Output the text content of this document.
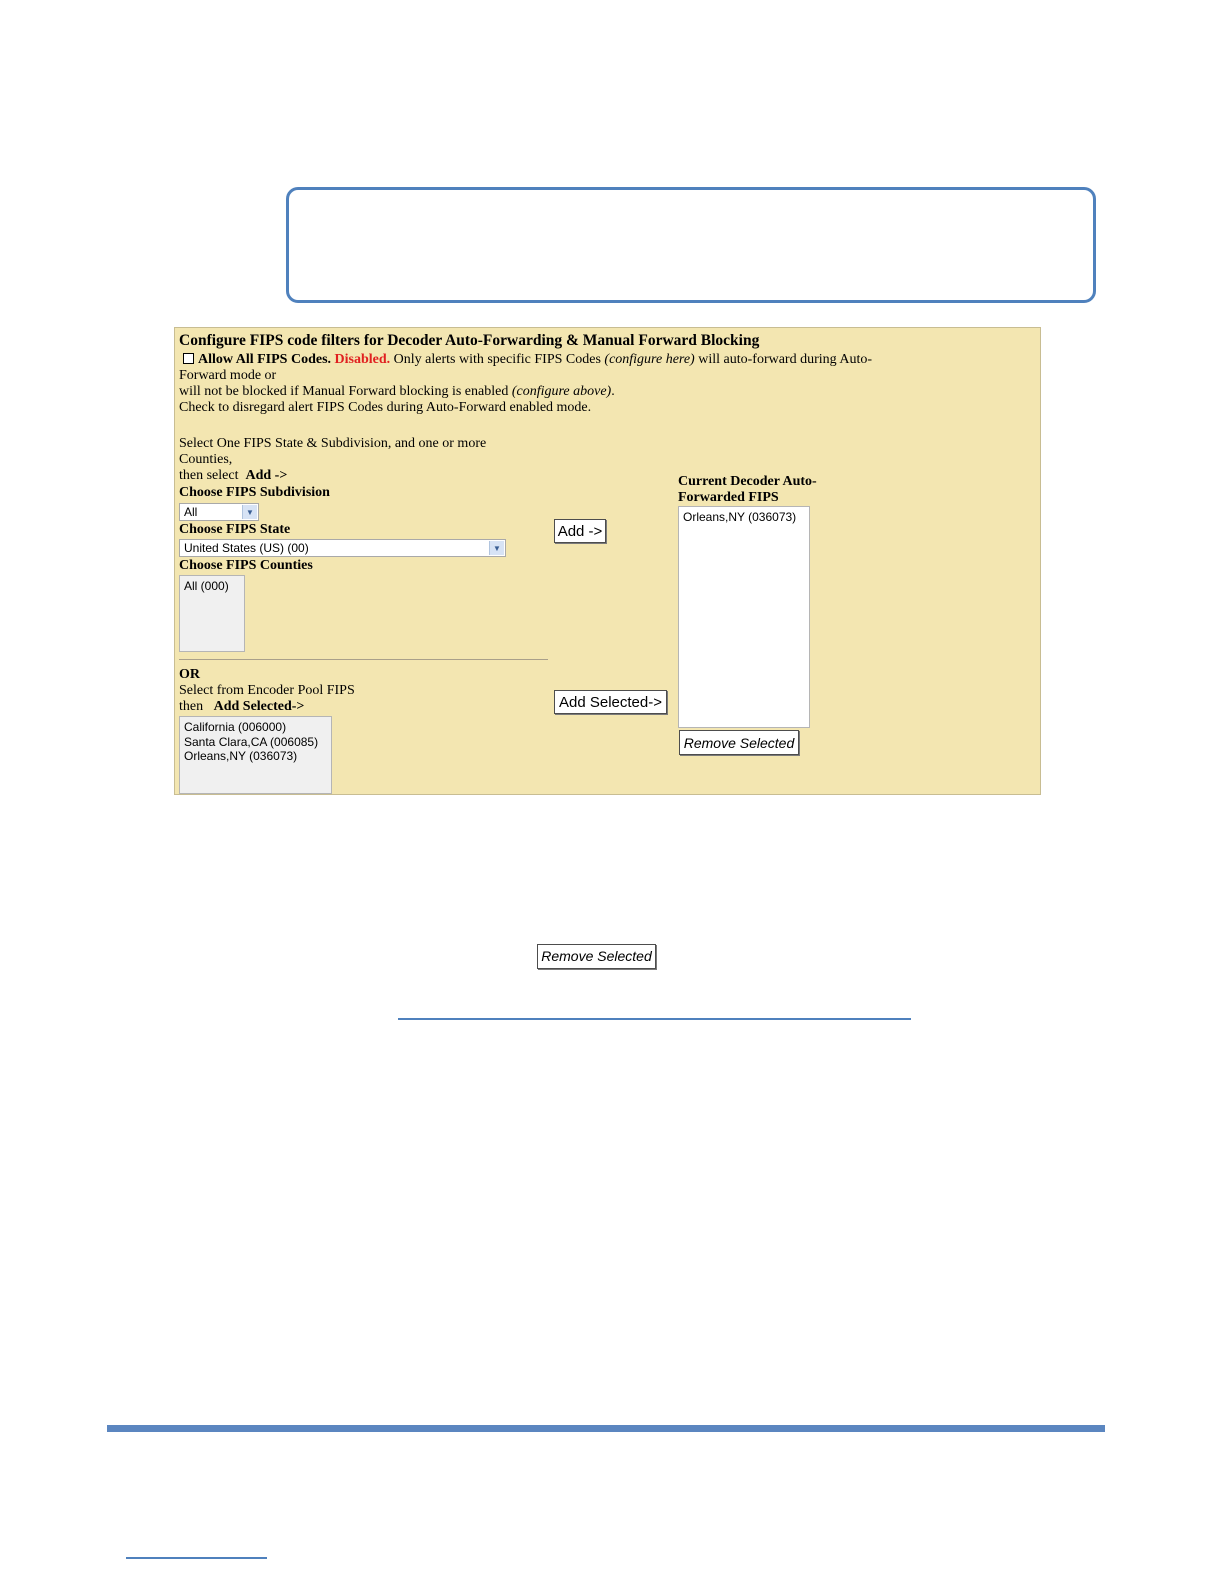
Configure FIPS code filters for Decoder Auto-Forwarding & Manual Forward Blocking
Allow All FIPS Codes. Disabled. Only alerts with specific FIPS Codes (configure here) will auto-forward during Auto-Forward mode or
will not be blocked if Manual Forward blocking is enabled (configure above).
Check to disregard alert FIPS Codes during Auto-Forward enabled mode.
Select One FIPS State & Subdivision, and one or more Counties,
then select Add ->
Choose FIPS Subdivision
All	▼
Choose FIPS State
United States (US) (00)	▼
Choose FIPS Counties
All (000)
OR
Select from Encoder Pool FIPS
then Add Selected->
California (006000)
Santa Clara,CA (006085)
Orleans,NY (036073)
Add ->
Add Selected->
Current Decoder Auto-
Forwarded FIPS
Orleans,NY (036073)
Remove Selected
Remove Selected
